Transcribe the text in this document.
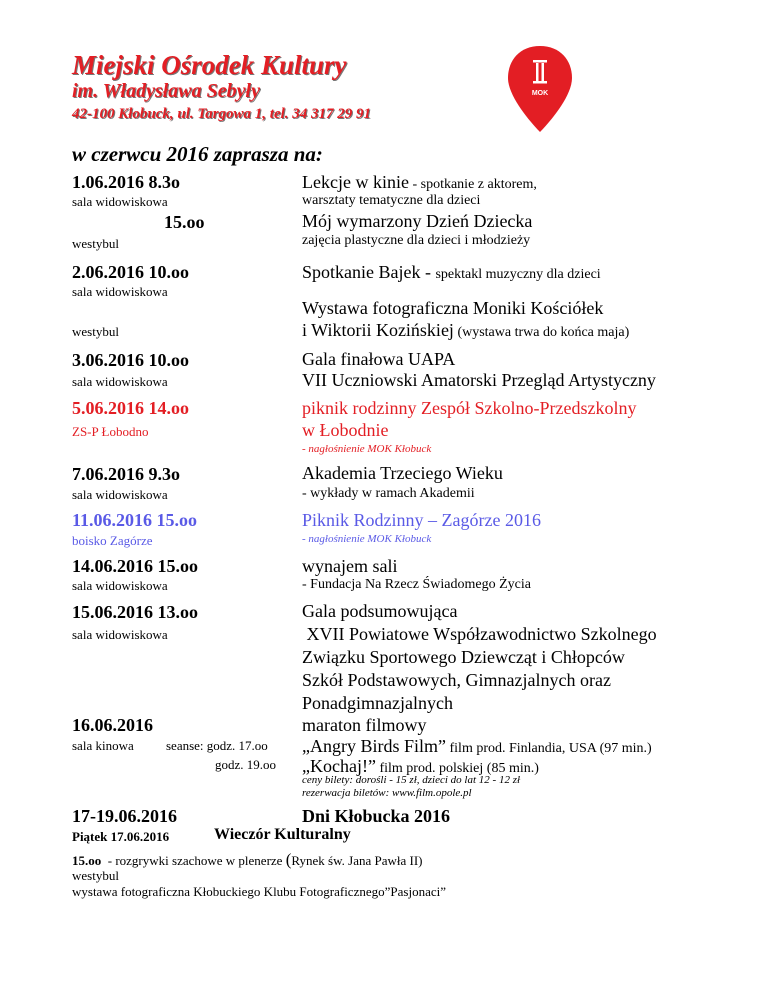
Miejski Ośrodek Kultury
im. Władysława Sebyły
42-100 Kłobuck, ul. Targowa 1, tel. 34 317 29 91
MOK
w czerwcu 2016 zaprasza na:
1.06.2016 8.3o
sala widowiskowa
Lekcje w kinie - spotkanie z aktorem,
warsztaty tematyczne dla dzieci
15.oo
westybul
Mój wymarzony Dzień Dziecka
zajęcia plastyczne dla dzieci i młodzieży
2.06.2016 10.oo
sala widowiskowa
Spotkanie Bajek - spektakl muzyczny dla dzieci
westybul
Wystawa fotograficzna Moniki Kościółek
i Wiktorii Kozińskiej (wystawa trwa do końca maja)
3.06.2016 10.oo
sala widowiskowa
Gala finałowa UAPA
VII Uczniowski Amatorski Przegląd Artystyczny
5.06.2016 14.oo
ZS-P Łobodno
piknik rodzinny Zespół Szkolno-Przedszkolny
w Łobodnie
- nagłośnienie MOK Kłobuck
7.06.2016 9.3o
sala widowiskowa
Akademia Trzeciego Wieku
- wykłady w ramach Akademii
11.06.2016 15.oo
boisko Zagórze
Piknik Rodzinny – Zagórze 2016
- nagłośnienie MOK Kłobuck
14.06.2016 15.oo
sala widowiskowa
wynajem sali
- Fundacja Na Rzecz Świadomego Życia
15.06.2016 13.oo
sala widowiskowa
Gala podsumowująca
XVII Powiatowe Współzawodnictwo Szkolnego
Związku Sportowego Dziewcząt i Chłopców
Szkół Podstawowych, Gimnazjalnych oraz
Ponadgimnazjalnych
16.06.2016
sala kinowa seanse: godz. 17.oo
godz. 19.oo
maraton filmowy
„Angry Birds Film” film prod. Finlandia, USA (97 min.)
„Kochaj!” film prod. polskiej (85 min.)
ceny bilety: dorośli - 15 zł, dzieci do lat 12 - 12 zł
rezerwacja biletów: www.film.opole.pl
17-19.06.2016	Dni Kłobucka 2016
Piątek 17.06.2016	Wieczór Kulturalny
15.oo  - rozgrywki szachowe w plenerze (Rynek św. Jana Pawła II)
westybul
wystawa fotograficzna Kłobuckiego Klubu Fotograficznego”Pasjonaci”
